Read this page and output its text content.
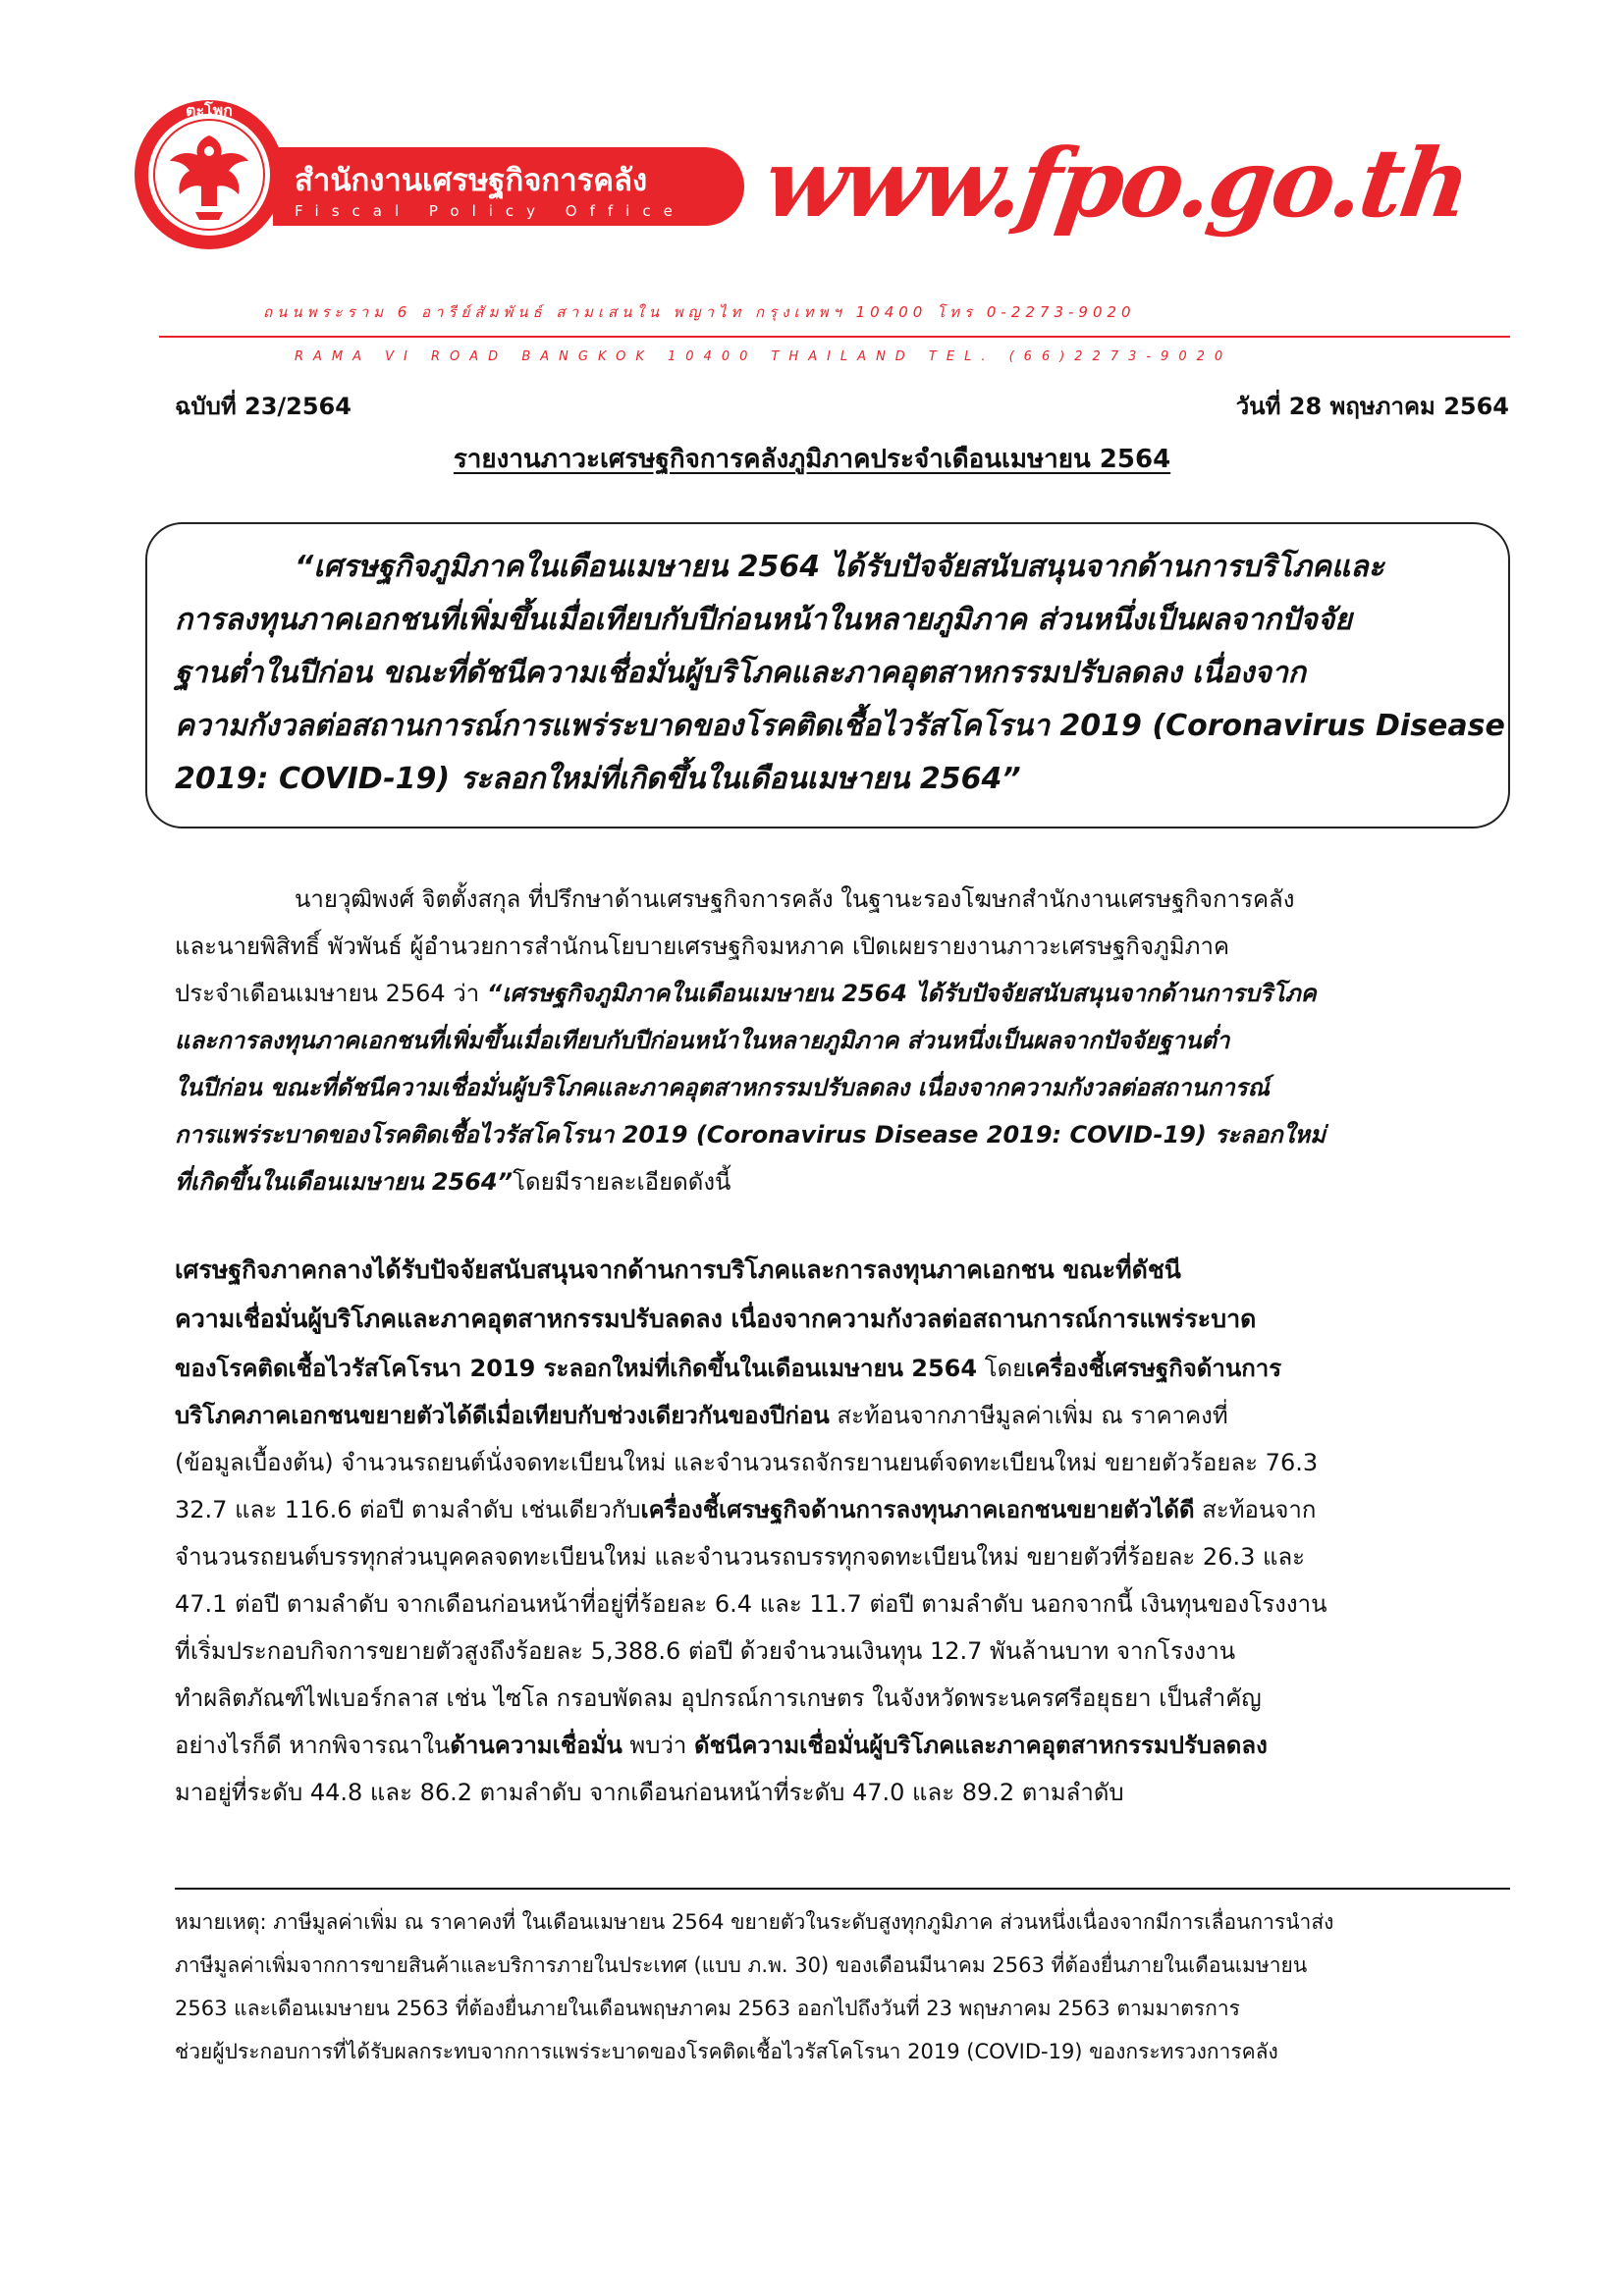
ตะโพก
สำนักงานเศรษฐกิจการคลัง
Fiscal Policy Office www.fpo.go.th
ถนนพระราม 6 อารีย์สัมพันธ์ สามเสนใน พญาไท กรุงเทพฯ 10400 โทร 0-2273-9020
RAMA VI ROAD BANGKOK 10400 THAILAND TEL. (66)2273-9020
ฉบับที่ 23/2564	วันที่ 28 พฤษภาคม 2564
รายงานภาวะเศรษฐกิจการคลังภูมิภาคประจำเดือนเมษายน 2564
“เศรษฐกิจภูมิภาคในเดือนเมษายน 2564 ได้รับปัจจัยสนับสนุนจากด้านการบริโภคและ
การลงทุนภาคเอกชนที่เพิ่มขึ้นเมื่อเทียบกับปีก่อนหน้าในหลายภูมิภาค ส่วนหนึ่งเป็นผลจากปัจจัย
ฐานต่ำในปีก่อน ขณะที่ดัชนีความเชื่อมั่นผู้บริโภคและภาคอุตสาหกรรมปรับลดลง เนื่องจาก
ความกังวลต่อสถานการณ์การแพร่ระบาดของโรคติดเชื้อไวรัสโคโรนา 2019 (Coronavirus Disease
2019: COVID-19) ระลอกใหม่ที่เกิดขึ้นในเดือนเมษายน 2564”
นายวุฒิพงศ์ จิตตั้งสกุล ที่ปรึกษาด้านเศรษฐกิจการคลัง ในฐานะรองโฆษกสำนักงานเศรษฐกิจการคลัง
และนายพิสิทธิ์ พัวพันธ์ ผู้อำนวยการสำนักนโยบายเศรษฐกิจมหภาค เปิดเผยรายงานภาวะเศรษฐกิจภูมิภาค
ประจำเดือนเมษายน 2564 ว่า “เศรษฐกิจภูมิภาคในเดือนเมษายน 2564 ได้รับปัจจัยสนับสนุนจากด้านการบริโภค
และการลงทุนภาคเอกชนที่เพิ่มขึ้นเมื่อเทียบกับปีก่อนหน้าในหลายภูมิภาค ส่วนหนึ่งเป็นผลจากปัจจัยฐานต่ำ
ในปีก่อน ขณะที่ดัชนีความเชื่อมั่นผู้บริโภคและภาคอุตสาหกรรมปรับลดลง เนื่องจากความกังวลต่อสถานการณ์
การแพร่ระบาดของโรคติดเชื้อไวรัสโคโรนา 2019 (Coronavirus Disease 2019: COVID-19) ระลอกใหม่
ที่เกิดขึ้นในเดือนเมษายน 2564”โดยมีรายละเอียดดังนี้
เศรษฐกิจภาคกลางได้รับปัจจัยสนับสนุนจากด้านการบริโภคและการลงทุนภาคเอกชน ขณะที่ดัชนี
ความเชื่อมั่นผู้บริโภคและภาคอุตสาหกรรมปรับลดลง เนื่องจากความกังวลต่อสถานการณ์การแพร่ระบาด
ของโรคติดเชื้อไวรัสโคโรนา 2019 ระลอกใหม่ที่เกิดขึ้นในเดือนเมษายน 2564 โดยเครื่องชี้เศรษฐกิจด้านการ
บริโภคภาคเอกชนขยายตัวได้ดีเมื่อเทียบกับช่วงเดียวกันของปีก่อน สะท้อนจากภาษีมูลค่าเพิ่ม ณ ราคาคงที่
(ข้อมูลเบื้องต้น) จำนวนรถยนต์นั่งจดทะเบียนใหม่ และจำนวนรถจักรยานยนต์จดทะเบียนใหม่ ขยายตัวร้อยละ 76.3
32.7 และ 116.6 ต่อปี ตามลำดับ เช่นเดียวกับเครื่องชี้เศรษฐกิจด้านการลงทุนภาคเอกชนขยายตัวได้ดี สะท้อนจาก
จำนวนรถยนต์บรรทุกส่วนบุคคลจดทะเบียนใหม่ และจำนวนรถบรรทุกจดทะเบียนใหม่ ขยายตัวที่ร้อยละ 26.3 และ
47.1 ต่อปี ตามลำดับ จากเดือนก่อนหน้าที่อยู่ที่ร้อยละ 6.4 และ 11.7 ต่อปี ตามลำดับ นอกจากนี้ เงินทุนของโรงงาน
ที่เริ่มประกอบกิจการขยายตัวสูงถึงร้อยละ 5,388.6 ต่อปี ด้วยจำนวนเงินทุน 12.7 พันล้านบาท จากโรงงาน
ทำผลิตภัณฑ์ไฟเบอร์กลาส เช่น ไซโล กรอบพัดลม อุปกรณ์การเกษตร ในจังหวัดพระนครศรีอยุธยา เป็นสำคัญ
อย่างไรก็ดี หากพิจารณาในด้านความเชื่อมั่น พบว่า ดัชนีความเชื่อมั่นผู้บริโภคและภาคอุตสาหกรรมปรับลดลง
มาอยู่ที่ระดับ 44.8 และ 86.2 ตามลำดับ จากเดือนก่อนหน้าที่ระดับ 47.0 และ 89.2 ตามลำดับ
หมายเหตุ: ภาษีมูลค่าเพิ่ม ณ ราคาคงที่ ในเดือนเมษายน 2564 ขยายตัวในระดับสูงทุกภูมิภาค ส่วนหนึ่งเนื่องจากมีการเลื่อนการนำส่ง
ภาษีมูลค่าเพิ่มจากการขายสินค้าและบริการภายในประเทศ (แบบ ภ.พ. 30) ของเดือนมีนาคม 2563 ที่ต้องยื่นภายในเดือนเมษายน
2563 และเดือนเมษายน 2563 ที่ต้องยื่นภายในเดือนพฤษภาคม 2563 ออกไปถึงวันที่ 23 พฤษภาคม 2563 ตามมาตรการ
ช่วยผู้ประกอบการที่ได้รับผลกระทบจากการแพร่ระบาดของโรคติดเชื้อไวรัสโคโรนา 2019 (COVID-19) ของกระทรวงการคลัง
